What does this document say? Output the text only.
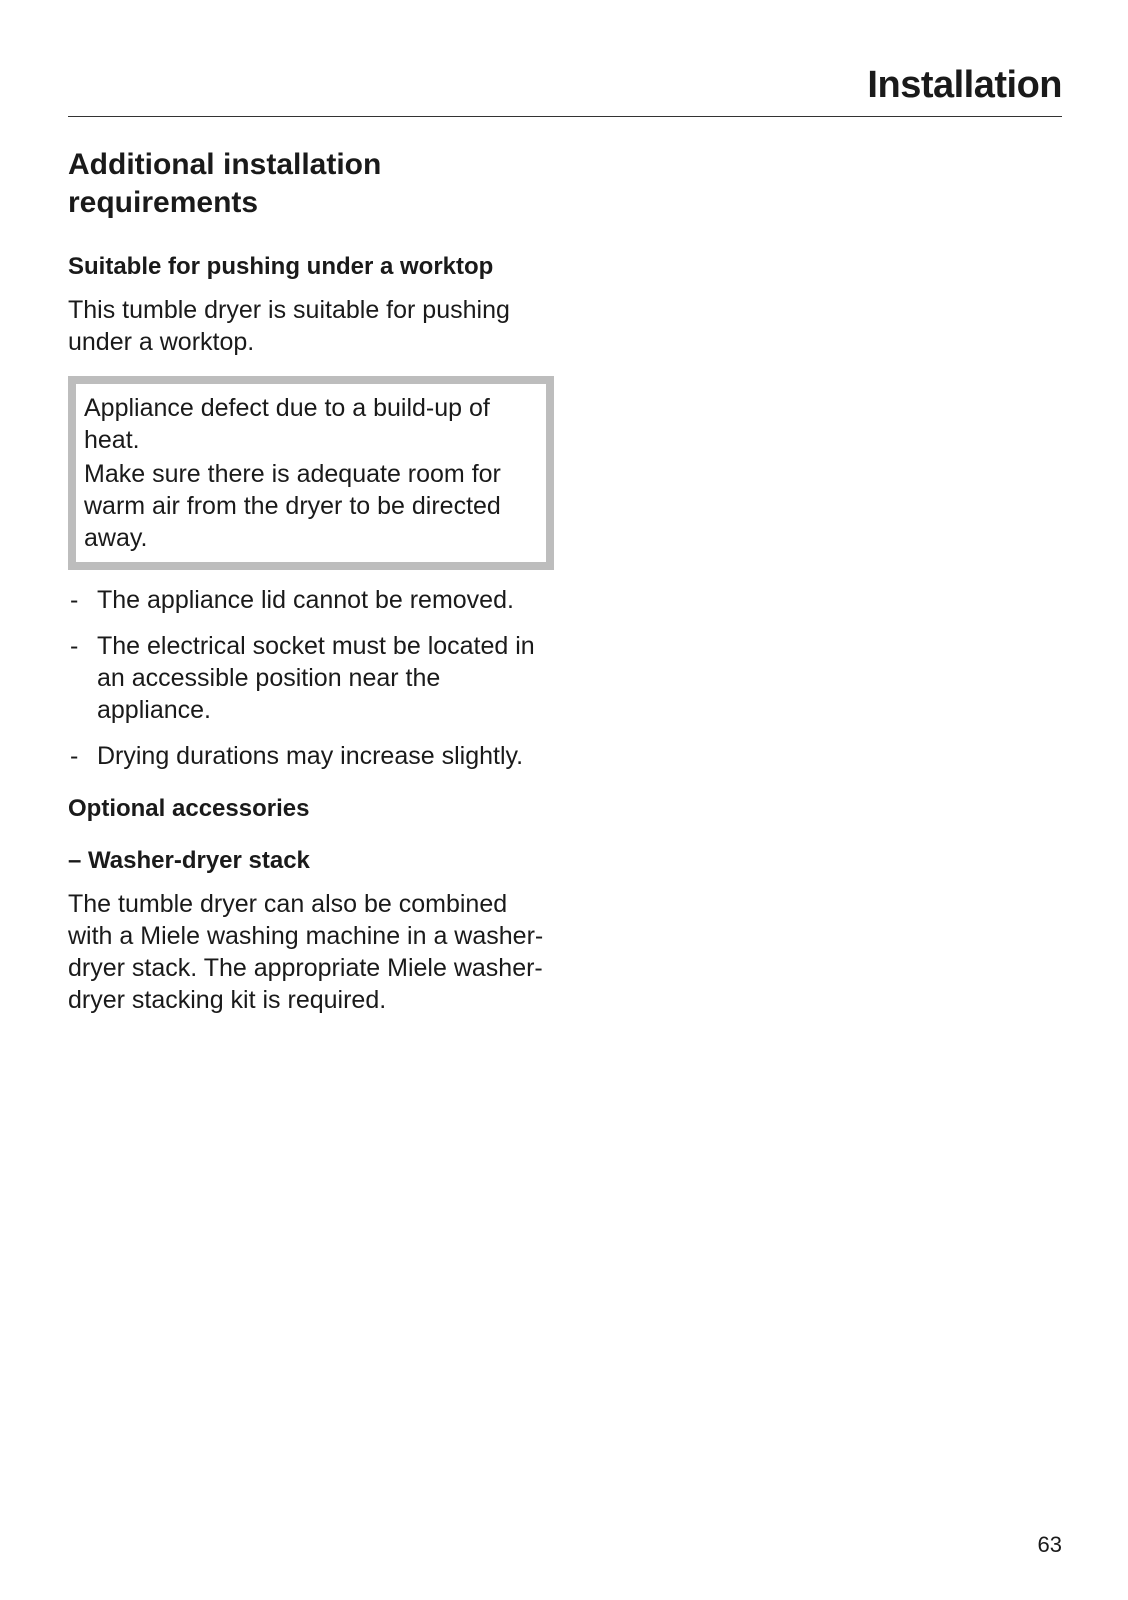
Installation
Additional installation
requirements
Suitable for pushing under a worktop

This tumble dryer is suitable for pushing under a worktop.

Appliance defect due to a build-up of heat.

Make sure there is adequate room for warm air from the dryer to be directed away.

- The appliance lid cannot be removed.
- The electrical socket must be located in an accessible position near the appliance.
- Drying durations may increase slightly.
Optional accessories
– Washer-dryer stack

The tumble dryer can also be combined with a Miele washing machine in a washer-dryer stack. The appropriate Miele washer-dryer stacking kit is required.

63
